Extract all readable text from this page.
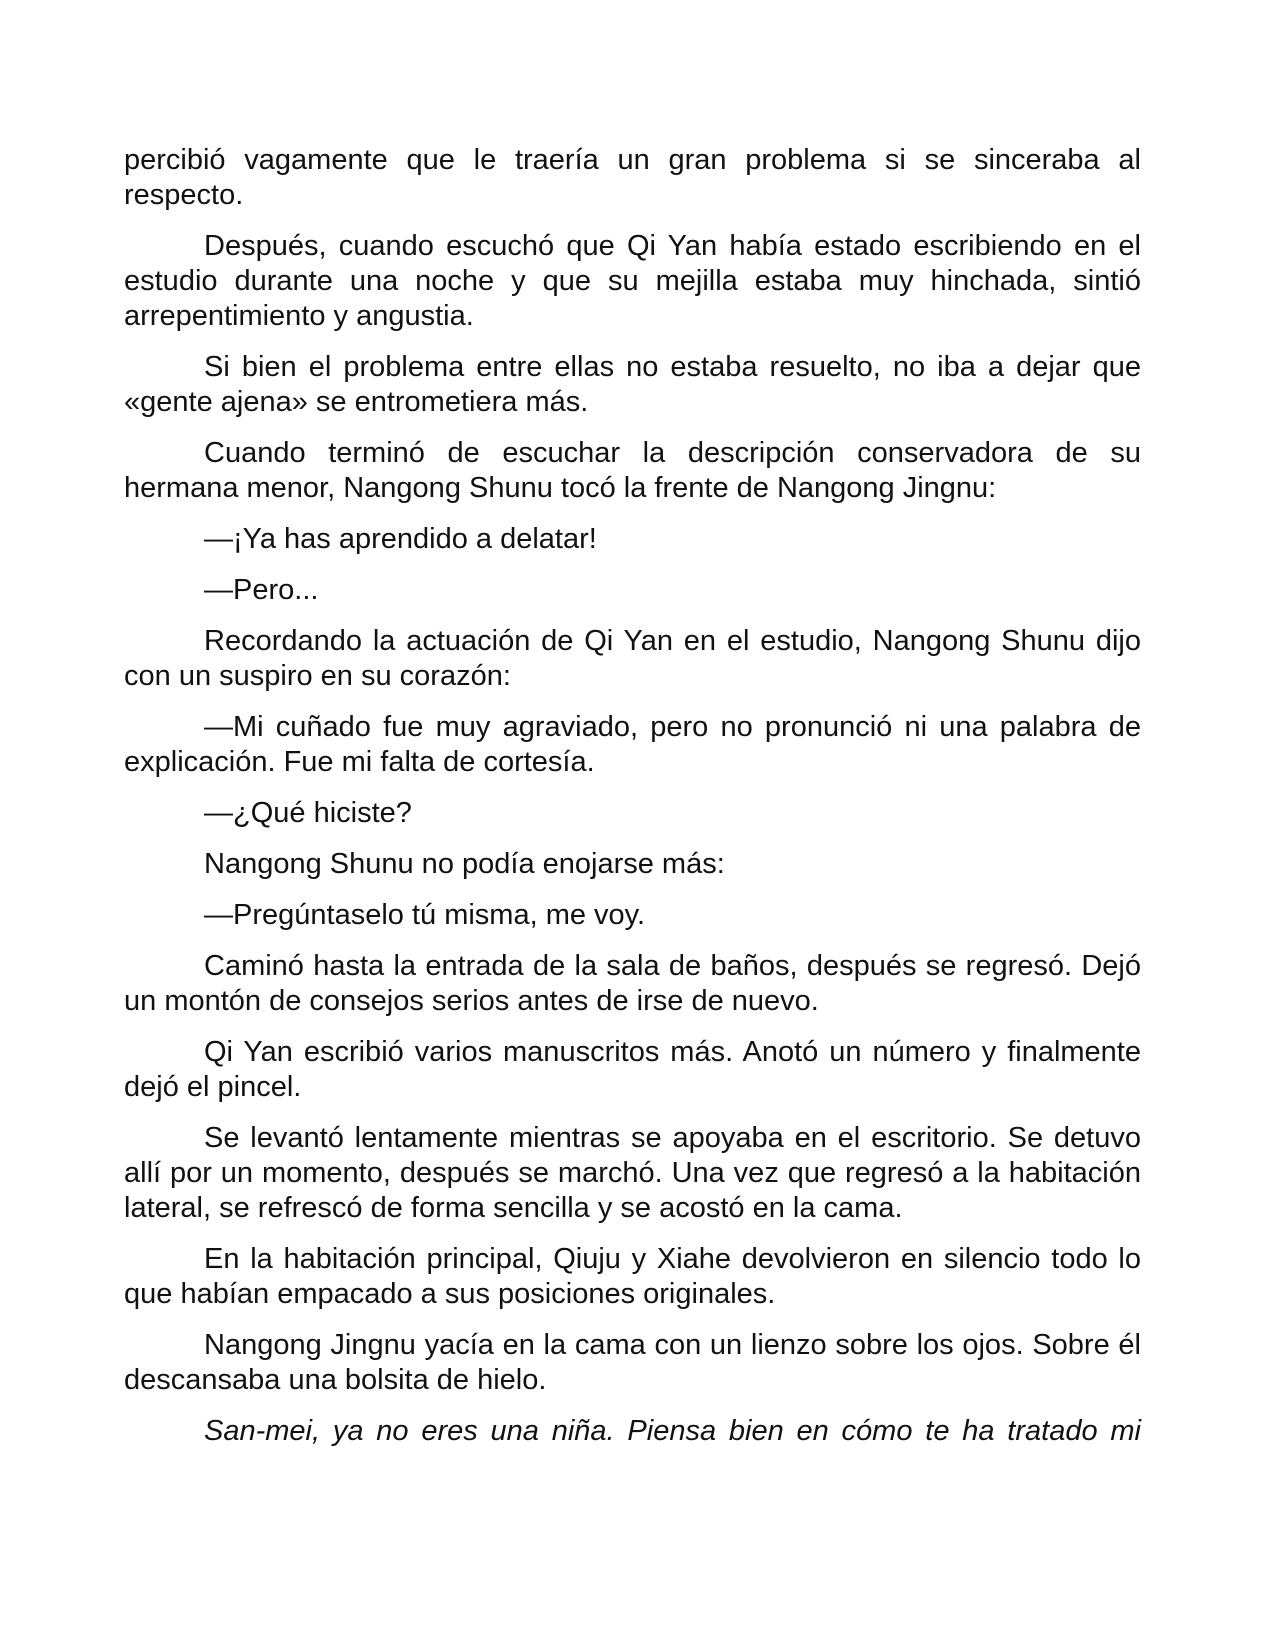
percibió vagamente que le traería un gran problema si se sinceraba al respecto.

Después, cuando escuchó que Qi Yan había estado escribiendo en el estudio durante una noche y que su mejilla estaba muy hinchada, sintió arrepentimiento y angustia.

Si bien el problema entre ellas no estaba resuelto, no iba a dejar que «gente ajena» se entrometiera más.

Cuando terminó de escuchar la descripción conservadora de su hermana menor, Nangong Shunu tocó la frente de Nangong Jingnu:

—¡Ya has aprendido a delatar!

—Pero...

Recordando la actuación de Qi Yan en el estudio, Nangong Shunu dijo con un suspiro en su corazón:

—Mi cuñado fue muy agraviado, pero no pronunció ni una palabra de explicación. Fue mi falta de cortesía.

—¿Qué hiciste?

Nangong Shunu no podía enojarse más:

—Pregúntaselo tú misma, me voy.

Caminó hasta la entrada de la sala de baños, después se regresó. Dejó un montón de consejos serios antes de irse de nuevo.

Qi Yan escribió varios manuscritos más. Anotó un número y finalmente dejó el pincel.

Se levantó lentamente mientras se apoyaba en el escritorio. Se detuvo allí por un momento, después se marchó. Una vez que regresó a la habitación lateral, se refrescó de forma sencilla y se acostó en la cama.

En la habitación principal, Qiuju y Xiahe devolvieron en silencio todo lo que habían empacado a sus posiciones originales.

Nangong Jingnu yacía en la cama con un lienzo sobre los ojos. Sobre él descansaba una bolsita de hielo.

San-mei, ya no eres una niña. Piensa bien en cómo te ha tratado mi
